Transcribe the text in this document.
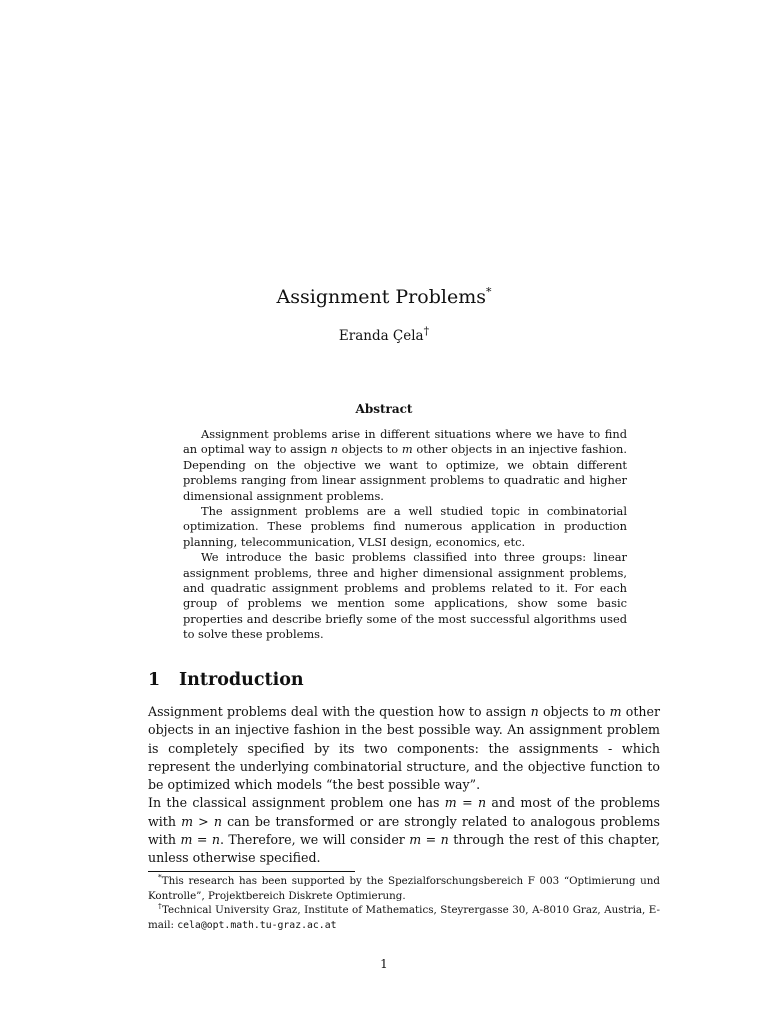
Assignment Problems*
Eranda Çela†
Abstract

Assignment problems arise in different situations where we have to find an optimal way to assign n objects to m other objects in an injective fashion. Depending on the objective we want to optimize, we obtain different problems ranging from linear assignment problems to quadratic and higher dimensional assignment problems.

The assignment problems are a well studied topic in combinatorial optimization. These problems find numerous application in production planning, telecommunication, VLSI design, economics, etc.

We introduce the basic problems classified into three groups: linear assignment problems, three and higher dimensional assignment problems, and quadratic assignment problems and problems related to it. For each group of problems we mention some applications, show some basic properties and describe briefly some of the most successful algorithms used to solve these problems.

1 Introduction

Assignment problems deal with the question how to assign n objects to m other objects in an injective fashion in the best possible way. An assignment problem is completely specified by its two components: the assignments - which represent the underlying combinatorial structure, and the objective function to be optimized which models “the best possible way”.

In the classical assignment problem one has m = n and most of the problems with m > n can be transformed or are strongly related to analogous problems with m = n. Therefore, we will consider m = n through the rest of this chapter, unless otherwise specified.

*This research has been supported by the Spezialforschungsbereich F 003 “Optimierung und Kontrolle”, Projektbereich Diskrete Optimierung.

†Technical University Graz, Institute of Mathematics, Steyrergasse 30, A-8010 Graz, Austria, E-mail: cela@opt.math.tu-graz.ac.at

1
